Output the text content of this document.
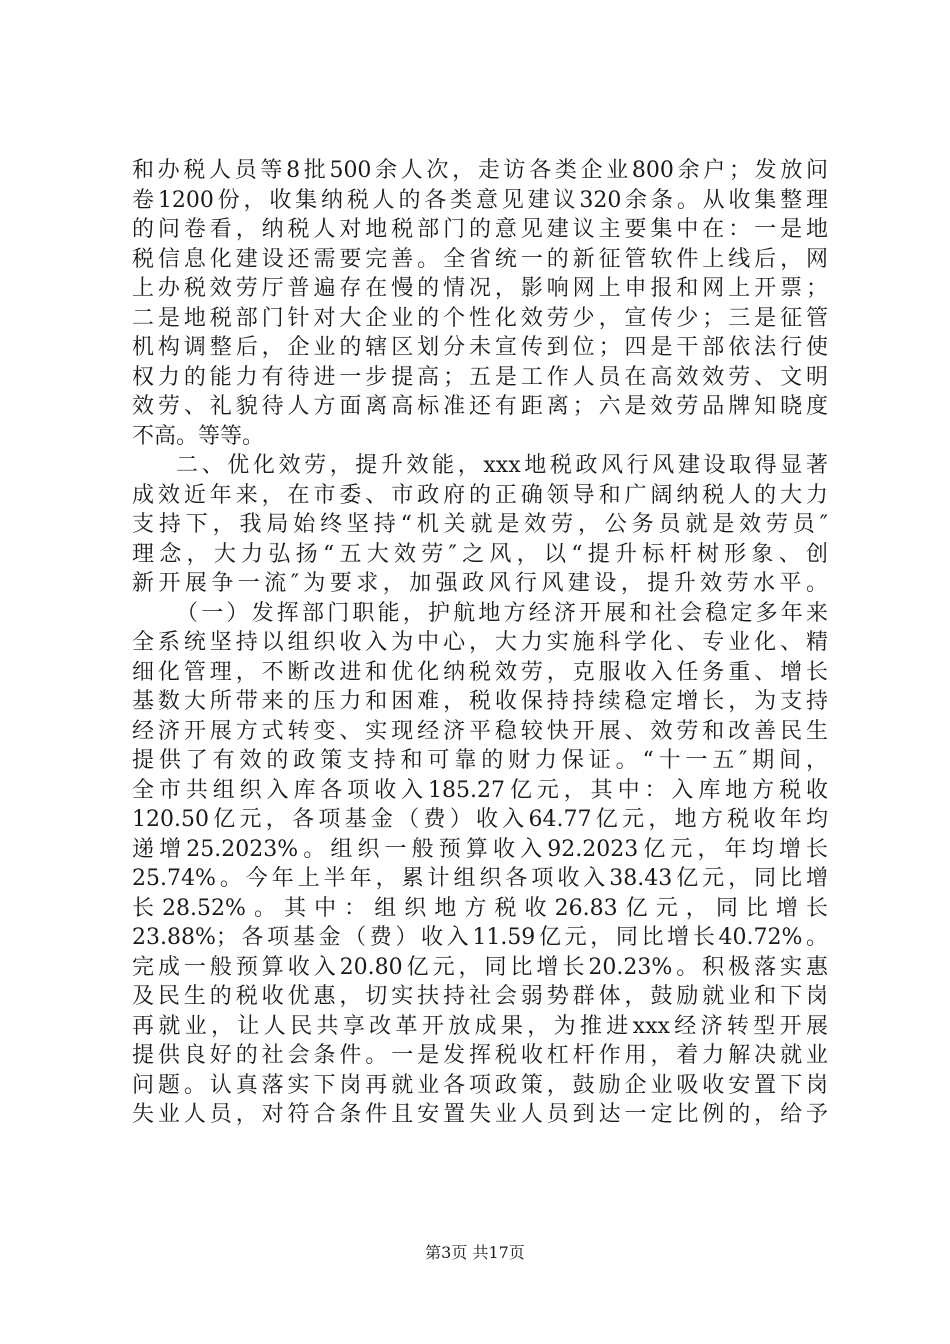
和办税人员等8批500余人次，走访各类企业800余户；发放问
卷1200份，收集纳税人的各类意见建议320余条。从收集整理
的问卷看，纳税人对地税部门的意见建议主要集中在：一是地
税信息化建设还需要完善。全省统一的新征管软件上线后，网
上办税效劳厅普遍存在慢的情况，影响网上申报和网上开票；
二是地税部门针对大企业的个性化效劳少，宣传少；三是征管
机构调整后，企业的辖区划分未宣传到位；四是干部依法行使
权力的能力有待进一步提高；五是工作人员在高效效劳、文明
效劳、礼貌待人方面离高标准还有距离；六是效劳品牌知晓度
不高。等等。
二、优化效劳，提升效能，xxx地税政风行风建设取得显著
成效近年来，在市委、市政府的正确领导和广阔纳税人的大力
支持下，我局始终坚持“机关就是效劳，公务员就是效劳员″
理念，大力弘扬“五大效劳″之风，以“提升标杆树形象、创
新开展争一流″为要求，加强政风行风建设，提升效劳水平。
（一）发挥部门职能，护航地方经济开展和社会稳定多年来
全系统坚持以组织收入为中心，大力实施科学化、专业化、精
细化管理，不断改进和优化纳税效劳，克服收入任务重、增长
基数大所带来的压力和困难，税收保持持续稳定增长，为支持
经济开展方式转变、实现经济平稳较快开展、效劳和改善民生
提供了有效的政策支持和可靠的财力保证。“十一五″期间，
全市共组织入库各项收入185.27亿元，其中：入库地方税收
120.50亿元，各项基金（费）收入64.77亿元，地方税收年均
递增25.2023%。组织一般预算收入92.2023亿元，年均增长
25.74%。今年上半年，累计组织各项收入38.43亿元，同比增
长28.52%。其中：组织地方税收26.83亿元，同比增长
23.88%；各项基金（费）收入11.59亿元，同比增长40.72%。
完成一般预算收入20.80亿元，同比增长20.23%。积极落实惠
及民生的税收优惠，切实扶持社会弱势群体，鼓励就业和下岗
再就业，让人民共享改革开放成果，为推进xxx经济转型开展
提供良好的社会条件。一是发挥税收杠杆作用，着力解决就业
问题。认真落实下岗再就业各项政策，鼓励企业吸收安置下岗
失业人员，对符合条件且安置失业人员到达一定比例的，给予
第3页 共17页
